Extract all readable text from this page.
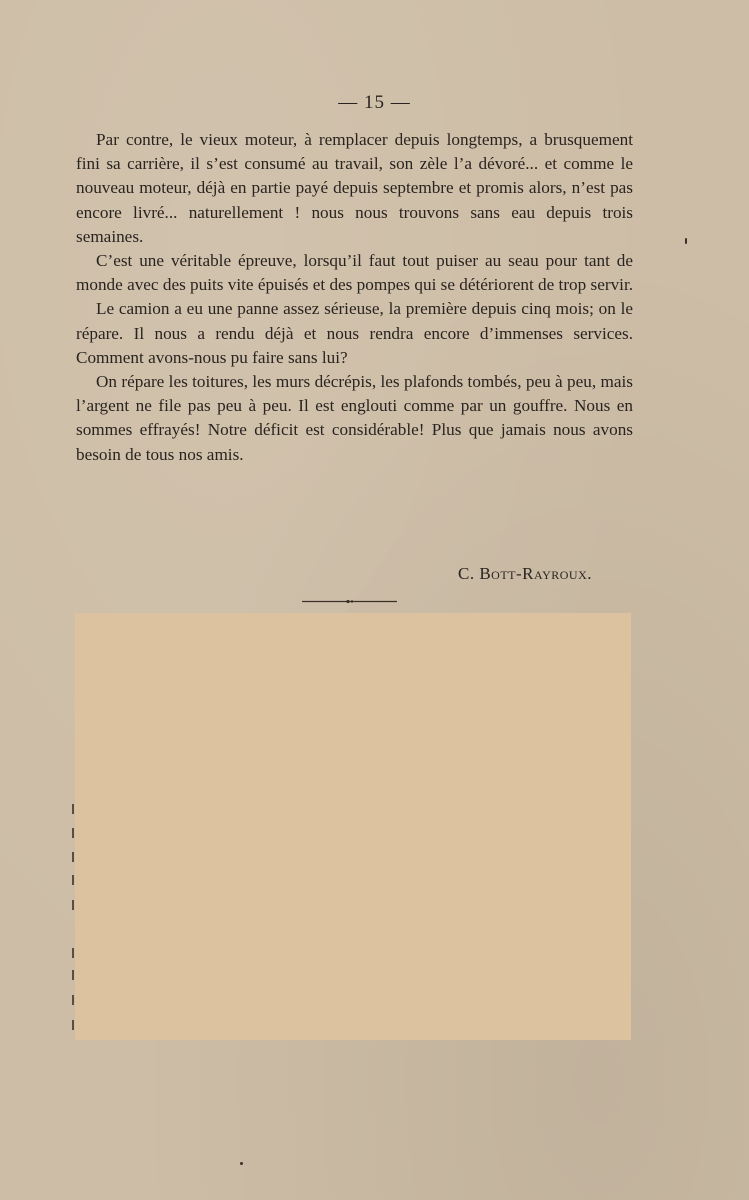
— 15 —

Par contre, le vieux moteur, à remplacer depuis longtemps, a brusquement fini sa carrière, il s’est consumé au travail, son zèle l’a dévoré... et comme le nouveau moteur, déjà en partie payé depuis septembre et promis alors, n’est pas encore livré... naturellement ! nous nous trouvons sans eau depuis trois semaines.

C’est une véritable épreuve, lorsqu’il faut tout puiser au seau pour tant de monde avec des puits vite épuisés et des pompes qui se détériorent de trop servir.

Le camion a eu une panne assez sérieuse, la première depuis cinq mois; on le répare. Il nous a rendu déjà et nous rendra encore d’immenses services. Comment avons-nous pu faire sans lui?

On répare les toitures, les murs décrépis, les plafonds tombés, peu à peu, mais l’argent ne file pas peu à peu. Il est englouti comme par un gouffre. Nous en sommes effrayés! Notre déficit est considérable! Plus que jamais nous avons besoin de tous nos amis.

C. Bott-Rayroux.
